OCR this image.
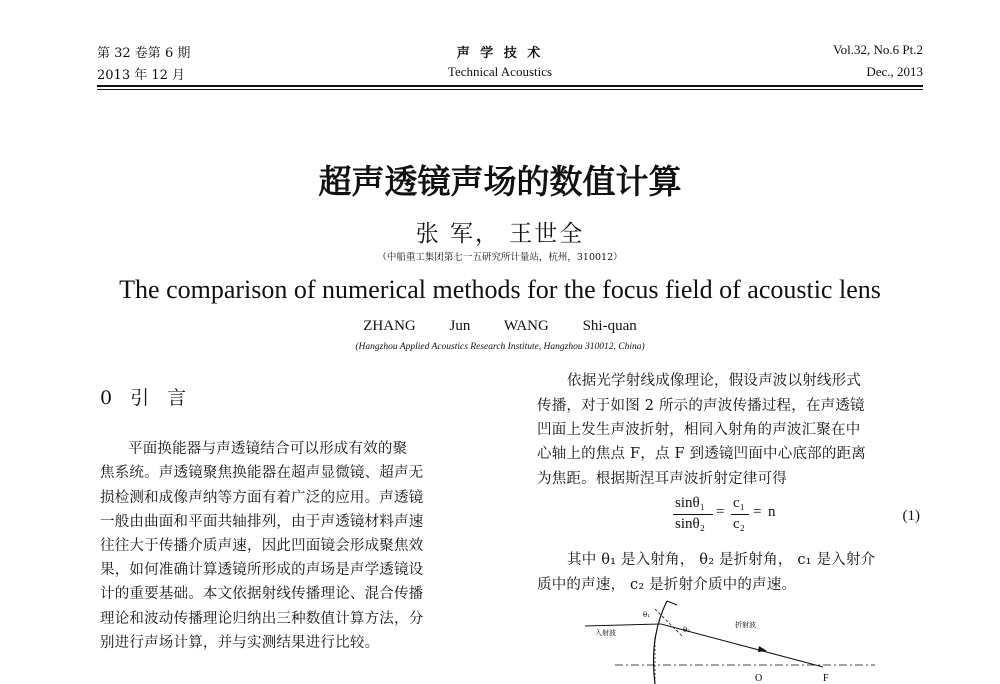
第 32 卷第 6 期
2013 年 12 月
声 学 技 术
Technical Acoustics
Vol.32, No.6 Pt.2
Dec., 2013
超声透镜声场的数值计算
张 军， 王世全
（中船重工集团第七一五研究所计量站，杭州，310012）
The comparison of numerical methods for the focus field of acoustic lens
ZHANG Jun WANG Shi-quan
(Hangzhou Applied Acoustics Research Institute, Hangzhou 310012, China)
0 引 言
平面换能器与声透镜结合可以形成有效的聚
焦系统。声透镜聚焦换能器在超声显微镜、超声无
损检测和成像声纳等方面有着广泛的应用。声透镜
一般由曲面和平面共轴排列，由于声透镜材料声速
往往大于传播介质声速，因此凹面镜会形成聚焦效
果，如何准确计算透镜所形成的声场是声学透镜设
计的重要基础。本文依据射线传播理论、混合传播
理论和波动传播理论归纳出三种数值计算方法，分
别进行声场计算，并与实测结果进行比较。
依据光学射线成像理论，假设声波以射线形式
传播，对于如图 2 所示的声波传播过程，在声透镜
凹面上发生声波折射，相同入射角的声波汇聚在中
心轴上的焦点 F，点 F 到透镜凹面中心底部的距离
为焦距。根据斯涅耳声波折射定律可得
sinθ₁
sinθ₂
=
c₁
c₂
= n	(1)
其中 θ₁ 是入射角， θ₂ 是折射角， c₁ 是入射介
质中的声速， c₂ 是折射介质中的声速。
入射波
折射波
θ₁
θ₂
O	F
